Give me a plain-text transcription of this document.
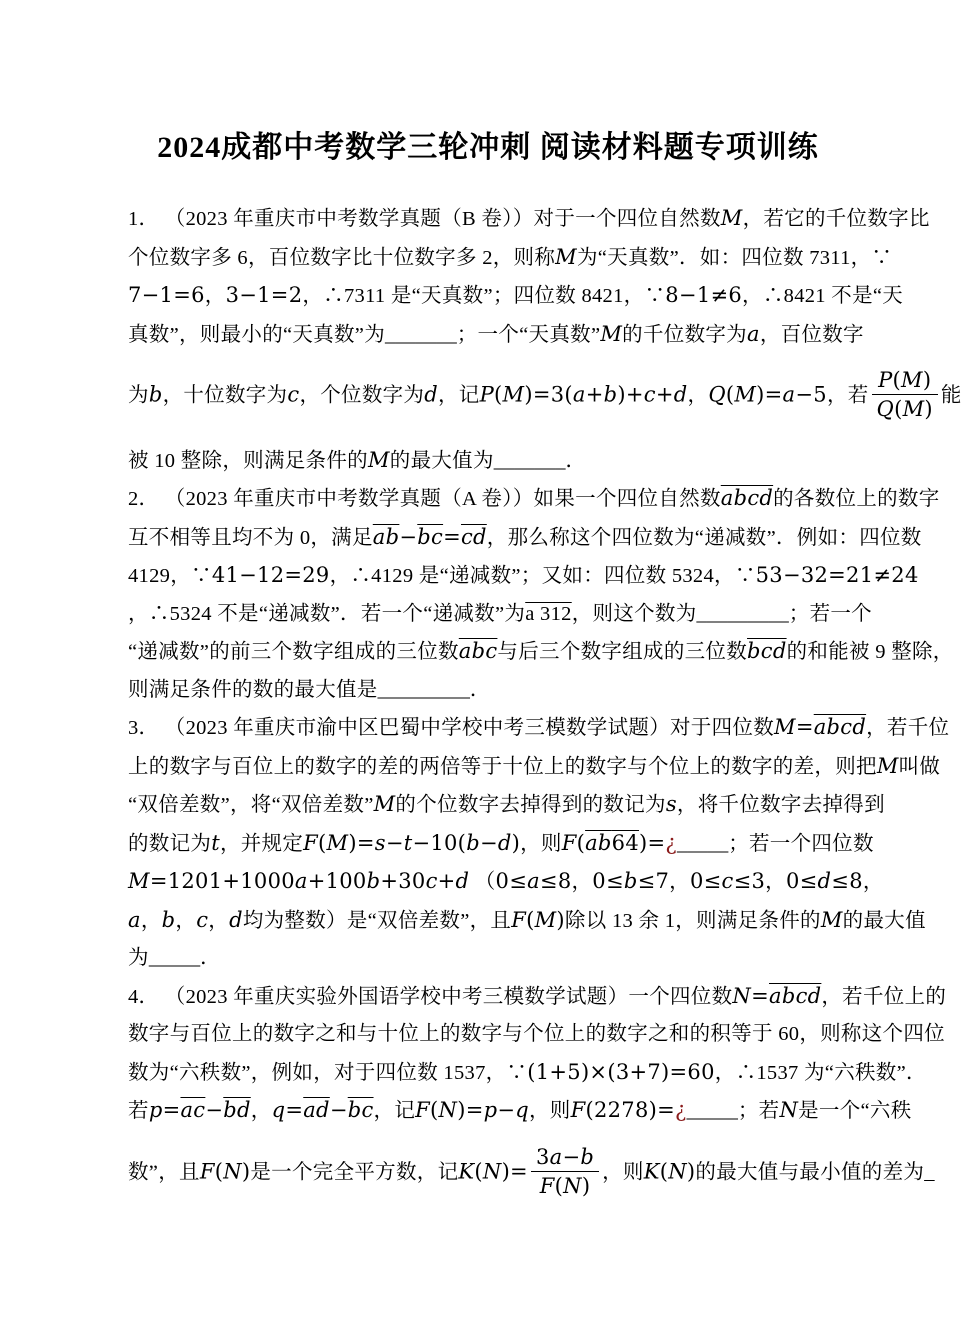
2024成都中考数学三轮冲刺 阅读材料题专项训练
1． （2023 年重庆市中考数学真题（B 卷））对于一个四位自然数M，若它的千位数字比
个位数字多 6，百位数字比十位数字多 2，则称M为“天真数”．如：四位数 7311，∵
7−1=6，3−1=2，∴7311 是“天真数”；四位数 8421，∵8−1≠6，∴8421 不是“天
真数”，则最小的“天真数”为_______；一个“天真数”M的千位数字为a，百位数字
为b，十位数字为c，个位数字为d，记P(M)=3(a+b)+c+d，Q(M)=a−5，若 $\frac{P(M)}{Q(M)}$ 能
被 10 整除，则满足条件的M的最大值为_______．
2． （2023 年重庆市中考数学真题（A 卷））如果一个四位自然数abcd的各数位上的数字
互不相等且均不为 0，满足$\overline{ab}-\overline{bc}=\overline{cd}$，那么称这个四位数为“递减数”．例如：四位数
4129，∵41−12=29，∴4129 是“递减数”；又如：四位数 5324，∵53−32=21≠24
，∴5324 不是“递减数”．若一个“递减数”为a 312，则这个数为_________；若一个
“递减数”的前三个数字组成的三位数$\overline{abc}$与后三个数字组成的三位数$\overline{bcd}$的和能被 9 整除，
则满足条件的数的最大值是_________．
3． （2023 年重庆市渝中区巴蜀中学校中考三模数学试题）对于四位数M=abcd，若千位
上的数字与百位上的数字的差的两倍等于十位上的数字与个位上的数字的差，则把M叫做
“双倍差数”，将“双倍差数”M的个位数字去掉得到的数记为s，将千位数字去掉得到
的数记为t，并规定F(M)=s−t−10(b−d)，则F(ab64)=¿_____；若一个四位数
M=1201+1000a+100b+30c+d （0≤a≤8，0≤b≤7，0≤c≤3，0≤d≤8，
a，b，c，d均为整数）是“双倍差数”，且F(M)除以 13 余 1，则满足条件的M的最大值
为_____．
4． （2023 年重庆实验外国语学校中考三模数学试题）一个四位数N=abcd，若千位上的
数字与百位上的数字之和与十位上的数字与个位上的数字之和的积等于 60，则称这个四位
数为“六秩数”，例如，对于四位数 1537，∵(1+5)×(3+7)=60，∴1537 为“六秩数”．
若$p=\overline{ac}-\overline{bd}$，$q=\overline{ad}-\overline{bc}$，记F(N)=p−q，则F(2278)=¿_____；若N是一个“六秩
数”，且F(N)是一个完全平方数，记$K(N)= \frac{3a-b}{F(N)}$ ，则K(N)的最大值与最小值的差为_
